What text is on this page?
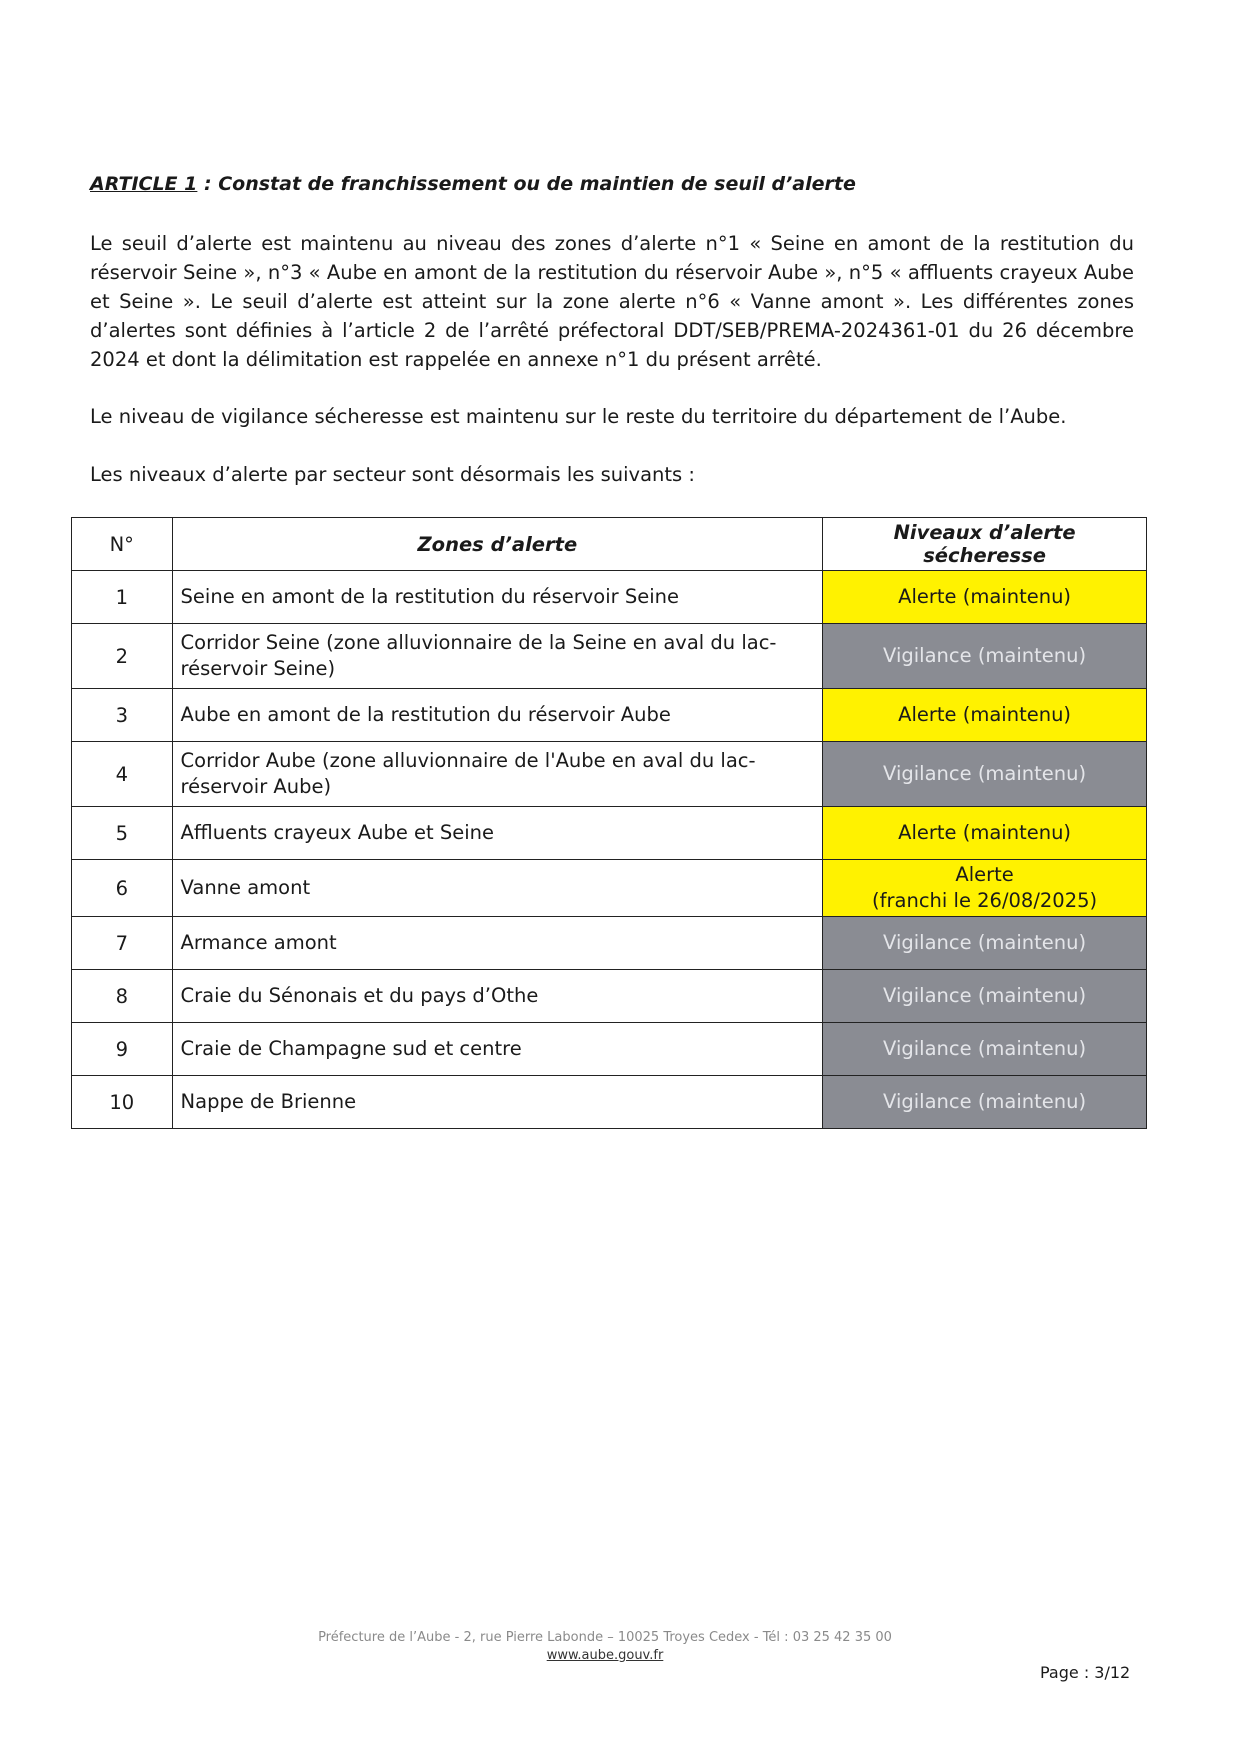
ARTICLE 1 : Constat de franchissement ou de maintien de seuil d’alerte

Le seuil d’alerte est maintenu au niveau des zones d’alerte n°1 « Seine en amont de la restitution du réservoir Seine », n°3 « Aube en amont de la restitution du réservoir Aube », n°5 « affluents crayeux Aube et Seine ». Le seuil d’alerte est atteint sur la zone alerte n°6 « Vanne amont ». Les différentes zones d’alertes sont définies à l’article 2 de l’arrêté préfectoral DDT/SEB/PREMA-2024361-01 du 26 décembre 2024 et dont la délimitation est rappelée en annexe n°1 du présent arrêté.

Le niveau de vigilance sécheresse est maintenu sur le reste du territoire du département de l’Aube.

Les niveaux d’alerte par secteur sont désormais les suivants :

N°	Zones d’alerte	Niveaux d’alerte sécheresse
1	Seine en amont de la restitution du réservoir Seine	Alerte (maintenu)
2	Corridor Seine (zone alluvionnaire de la Seine en aval du lac-réservoir Seine)	Vigilance (maintenu)
3	Aube en amont de la restitution du réservoir Aube	Alerte (maintenu)
4	Corridor Aube (zone alluvionnaire de l'Aube en aval du lac-réservoir Aube)	Vigilance (maintenu)
5	Affluents crayeux Aube et Seine	Alerte (maintenu)
6	Vanne amont	Alerte
(franchi le 26/08/2025)
7	Armance amont	Vigilance (maintenu)
8	Craie du Sénonais et du pays d’Othe	Vigilance (maintenu)
9	Craie de Champagne sud et centre	Vigilance (maintenu)
10	Nappe de Brienne	Vigilance (maintenu)
Préfecture de l’Aube - 2, rue Pierre Labonde – 10025 Troyes Cedex - Tél : 03 25 42 35 00
www.aube.gouv.fr
Page : 3/12
